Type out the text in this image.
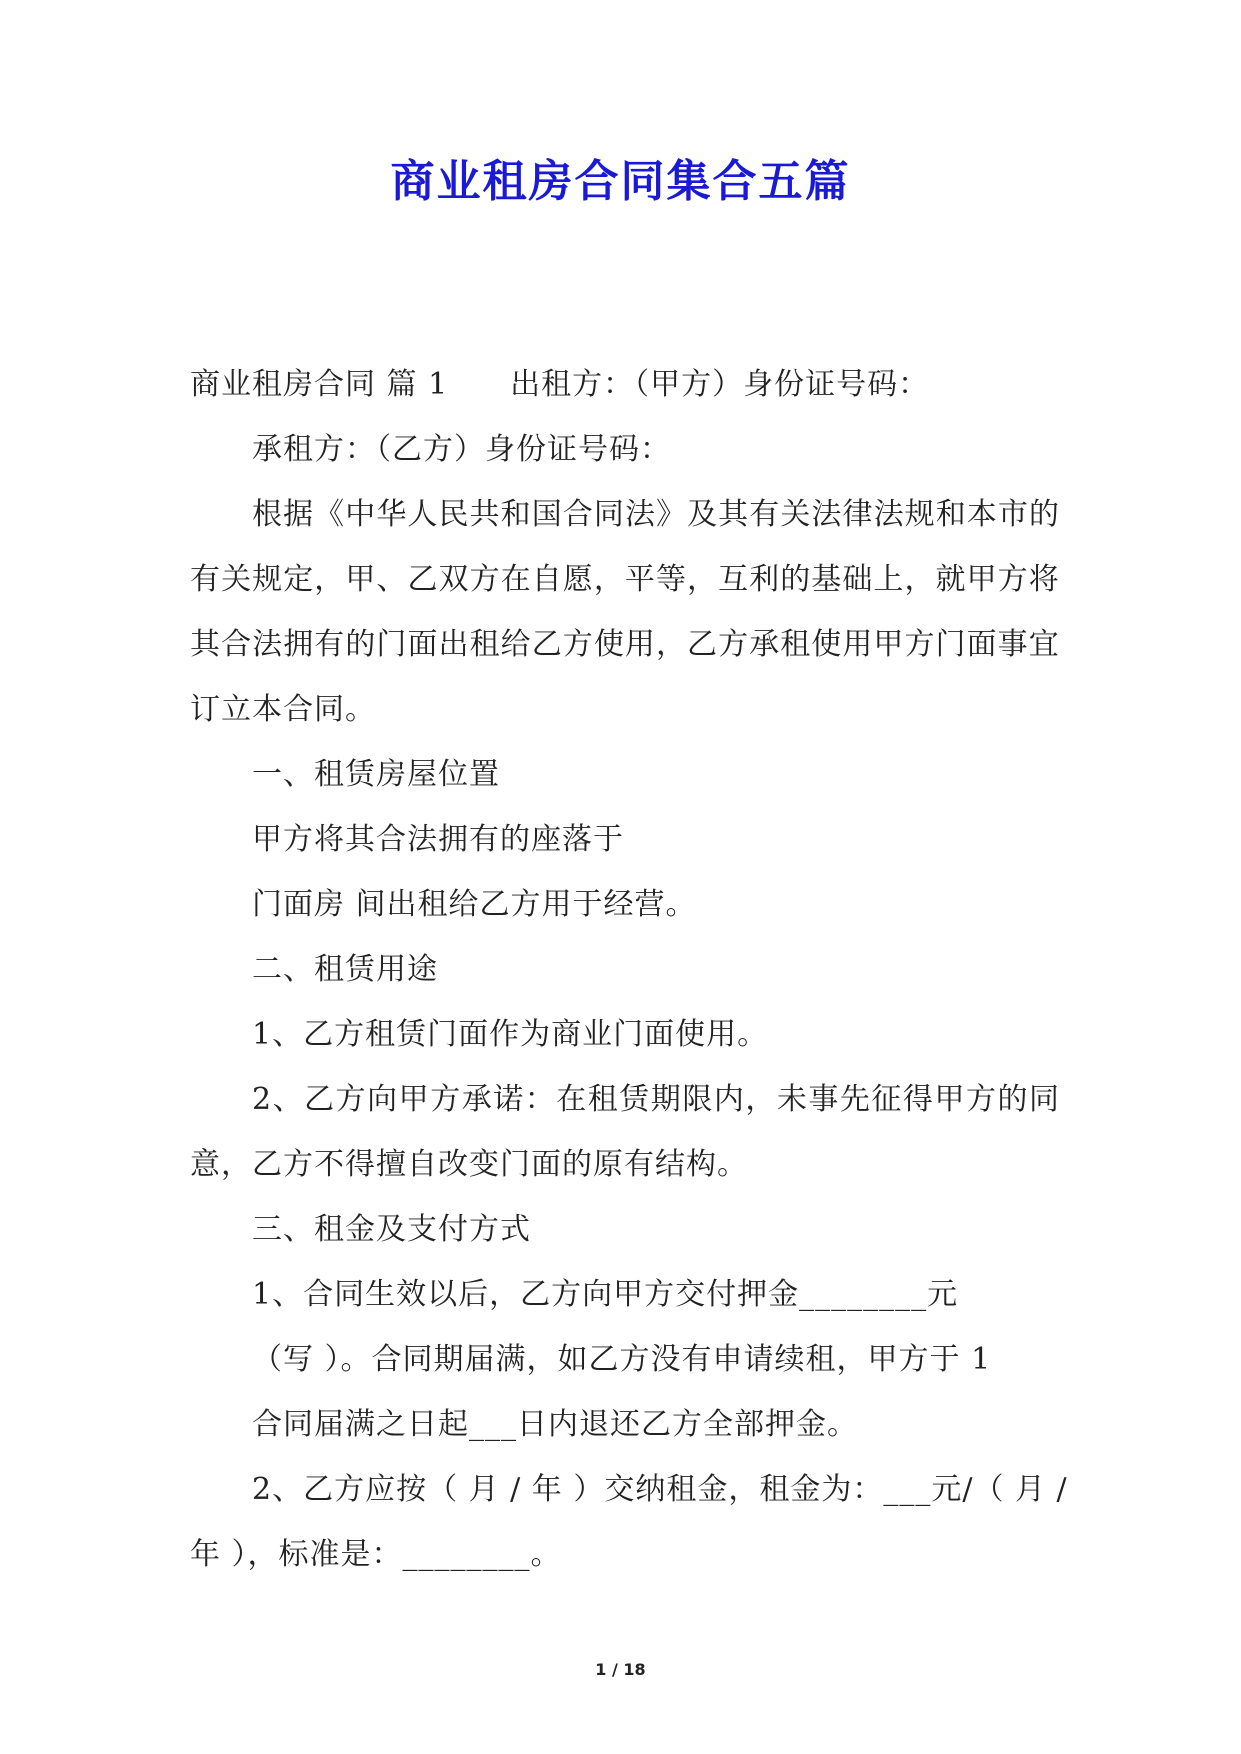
商业租房合同集合五篇
商业租房合同 篇 1 出租方：（甲方）身份证号码：
承租方：（乙方）身份证号码：
根 据 《 中 华 人 民 共 和 国 合 同 法 》 及 其 有 关 法 律 法 规 和 本 市 的
有 关 规 定 ， 甲 、 乙 双 方 在 自 愿 ， 平 等 ， 互 利 的 基 础 上 ， 就 甲 方 将
其 合 法 拥 有 的 门 面 出 租 给 乙 方 使 用 ， 乙 方 承 租 使 用 甲 方 门 面 事 宜
订立本合同。
一、租赁房屋位置
甲方将其合法拥有的座落于
门面房 间出租给乙方用于经营。
二、租赁用途
1、乙方租赁门面作为商业门面使用。
2 、 乙 方 向 甲 方 承 诺 ： 在 租 赁 期 限 内 ， 未 事 先 征 得 甲 方 的 同
意，乙方不得擅自改变门面的原有结构。
三、租金及支付方式
1、合同生效以后，乙方向甲方交付押金________元
（写 ）。合同期届满，如乙方没有申请续租，甲方于 1
合同届满之日起___日内退还乙方全部押金。
2、乙方应按（ 月 / 年 ）交纳租金，租金为：___元/（ 月 /
年 ），标准是：________。
1 / 18
